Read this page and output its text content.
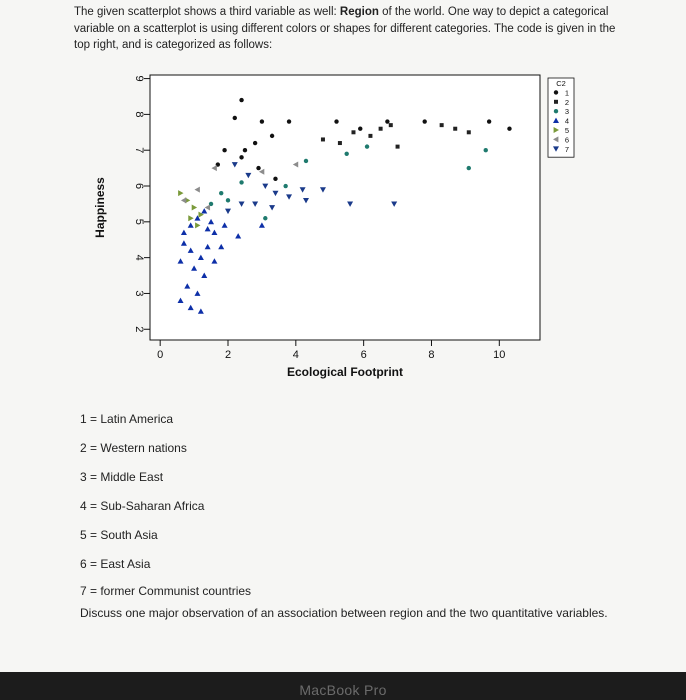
The given scatterplot shows a third variable as well: Region of the world. One way to depict a categorical variable on a scatterplot is using different colors or shapes for different categories. The code is given in the top right, and is categorized as follows:
0	2	4	6	8	10
2
3
4
5
6
7
8
9
Ecological Footprint
Happiness
C2
1
2
3
4
5
6
7
1 = Latin America
2 = Western nations
3 = Middle East
4 = Sub-Saharan Africa
5 = South Asia
6 = East Asia
7 = former Communist countries
Discuss one major observation of an association between region and the two quantitative variables.
MacBook Pro
